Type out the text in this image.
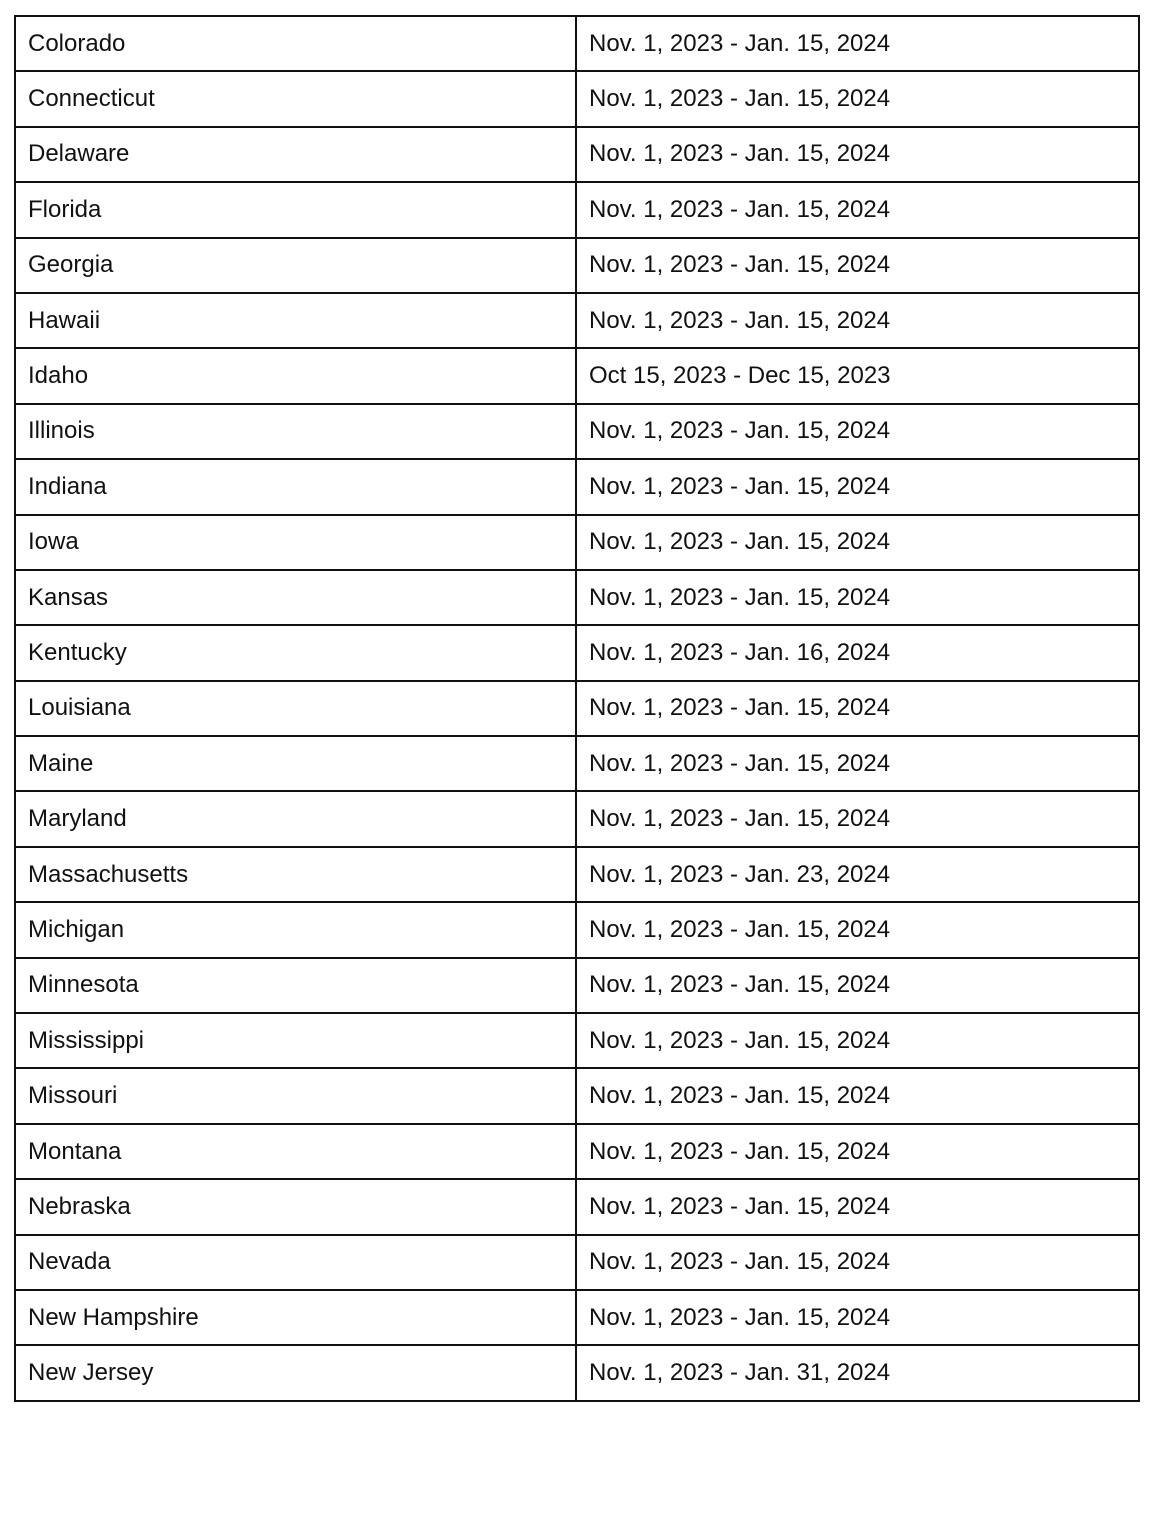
Colorado	Nov. 1, 2023 - Jan. 15, 2024
Connecticut	Nov. 1, 2023 - Jan. 15, 2024
Delaware	Nov. 1, 2023 - Jan. 15, 2024
Florida	Nov. 1, 2023 - Jan. 15, 2024
Georgia	Nov. 1, 2023 - Jan. 15, 2024
Hawaii	Nov. 1, 2023 - Jan. 15, 2024
Idaho	Oct 15, 2023 - Dec 15, 2023
Illinois	Nov. 1, 2023 - Jan. 15, 2024
Indiana	Nov. 1, 2023 - Jan. 15, 2024
Iowa	Nov. 1, 2023 - Jan. 15, 2024
Kansas	Nov. 1, 2023 - Jan. 15, 2024
Kentucky	Nov. 1, 2023 - Jan. 16, 2024
Louisiana	Nov. 1, 2023 - Jan. 15, 2024
Maine	Nov. 1, 2023 - Jan. 15, 2024
Maryland	Nov. 1, 2023 - Jan. 15, 2024
Massachusetts	Nov. 1, 2023 - Jan. 23, 2024
Michigan	Nov. 1, 2023 - Jan. 15, 2024
Minnesota	Nov. 1, 2023 - Jan. 15, 2024
Mississippi	Nov. 1, 2023 - Jan. 15, 2024
Missouri	Nov. 1, 2023 - Jan. 15, 2024
Montana	Nov. 1, 2023 - Jan. 15, 2024
Nebraska	Nov. 1, 2023 - Jan. 15, 2024
Nevada	Nov. 1, 2023 - Jan. 15, 2024
New Hampshire	Nov. 1, 2023 - Jan. 15, 2024
New Jersey	Nov. 1, 2023 - Jan. 31, 2024
